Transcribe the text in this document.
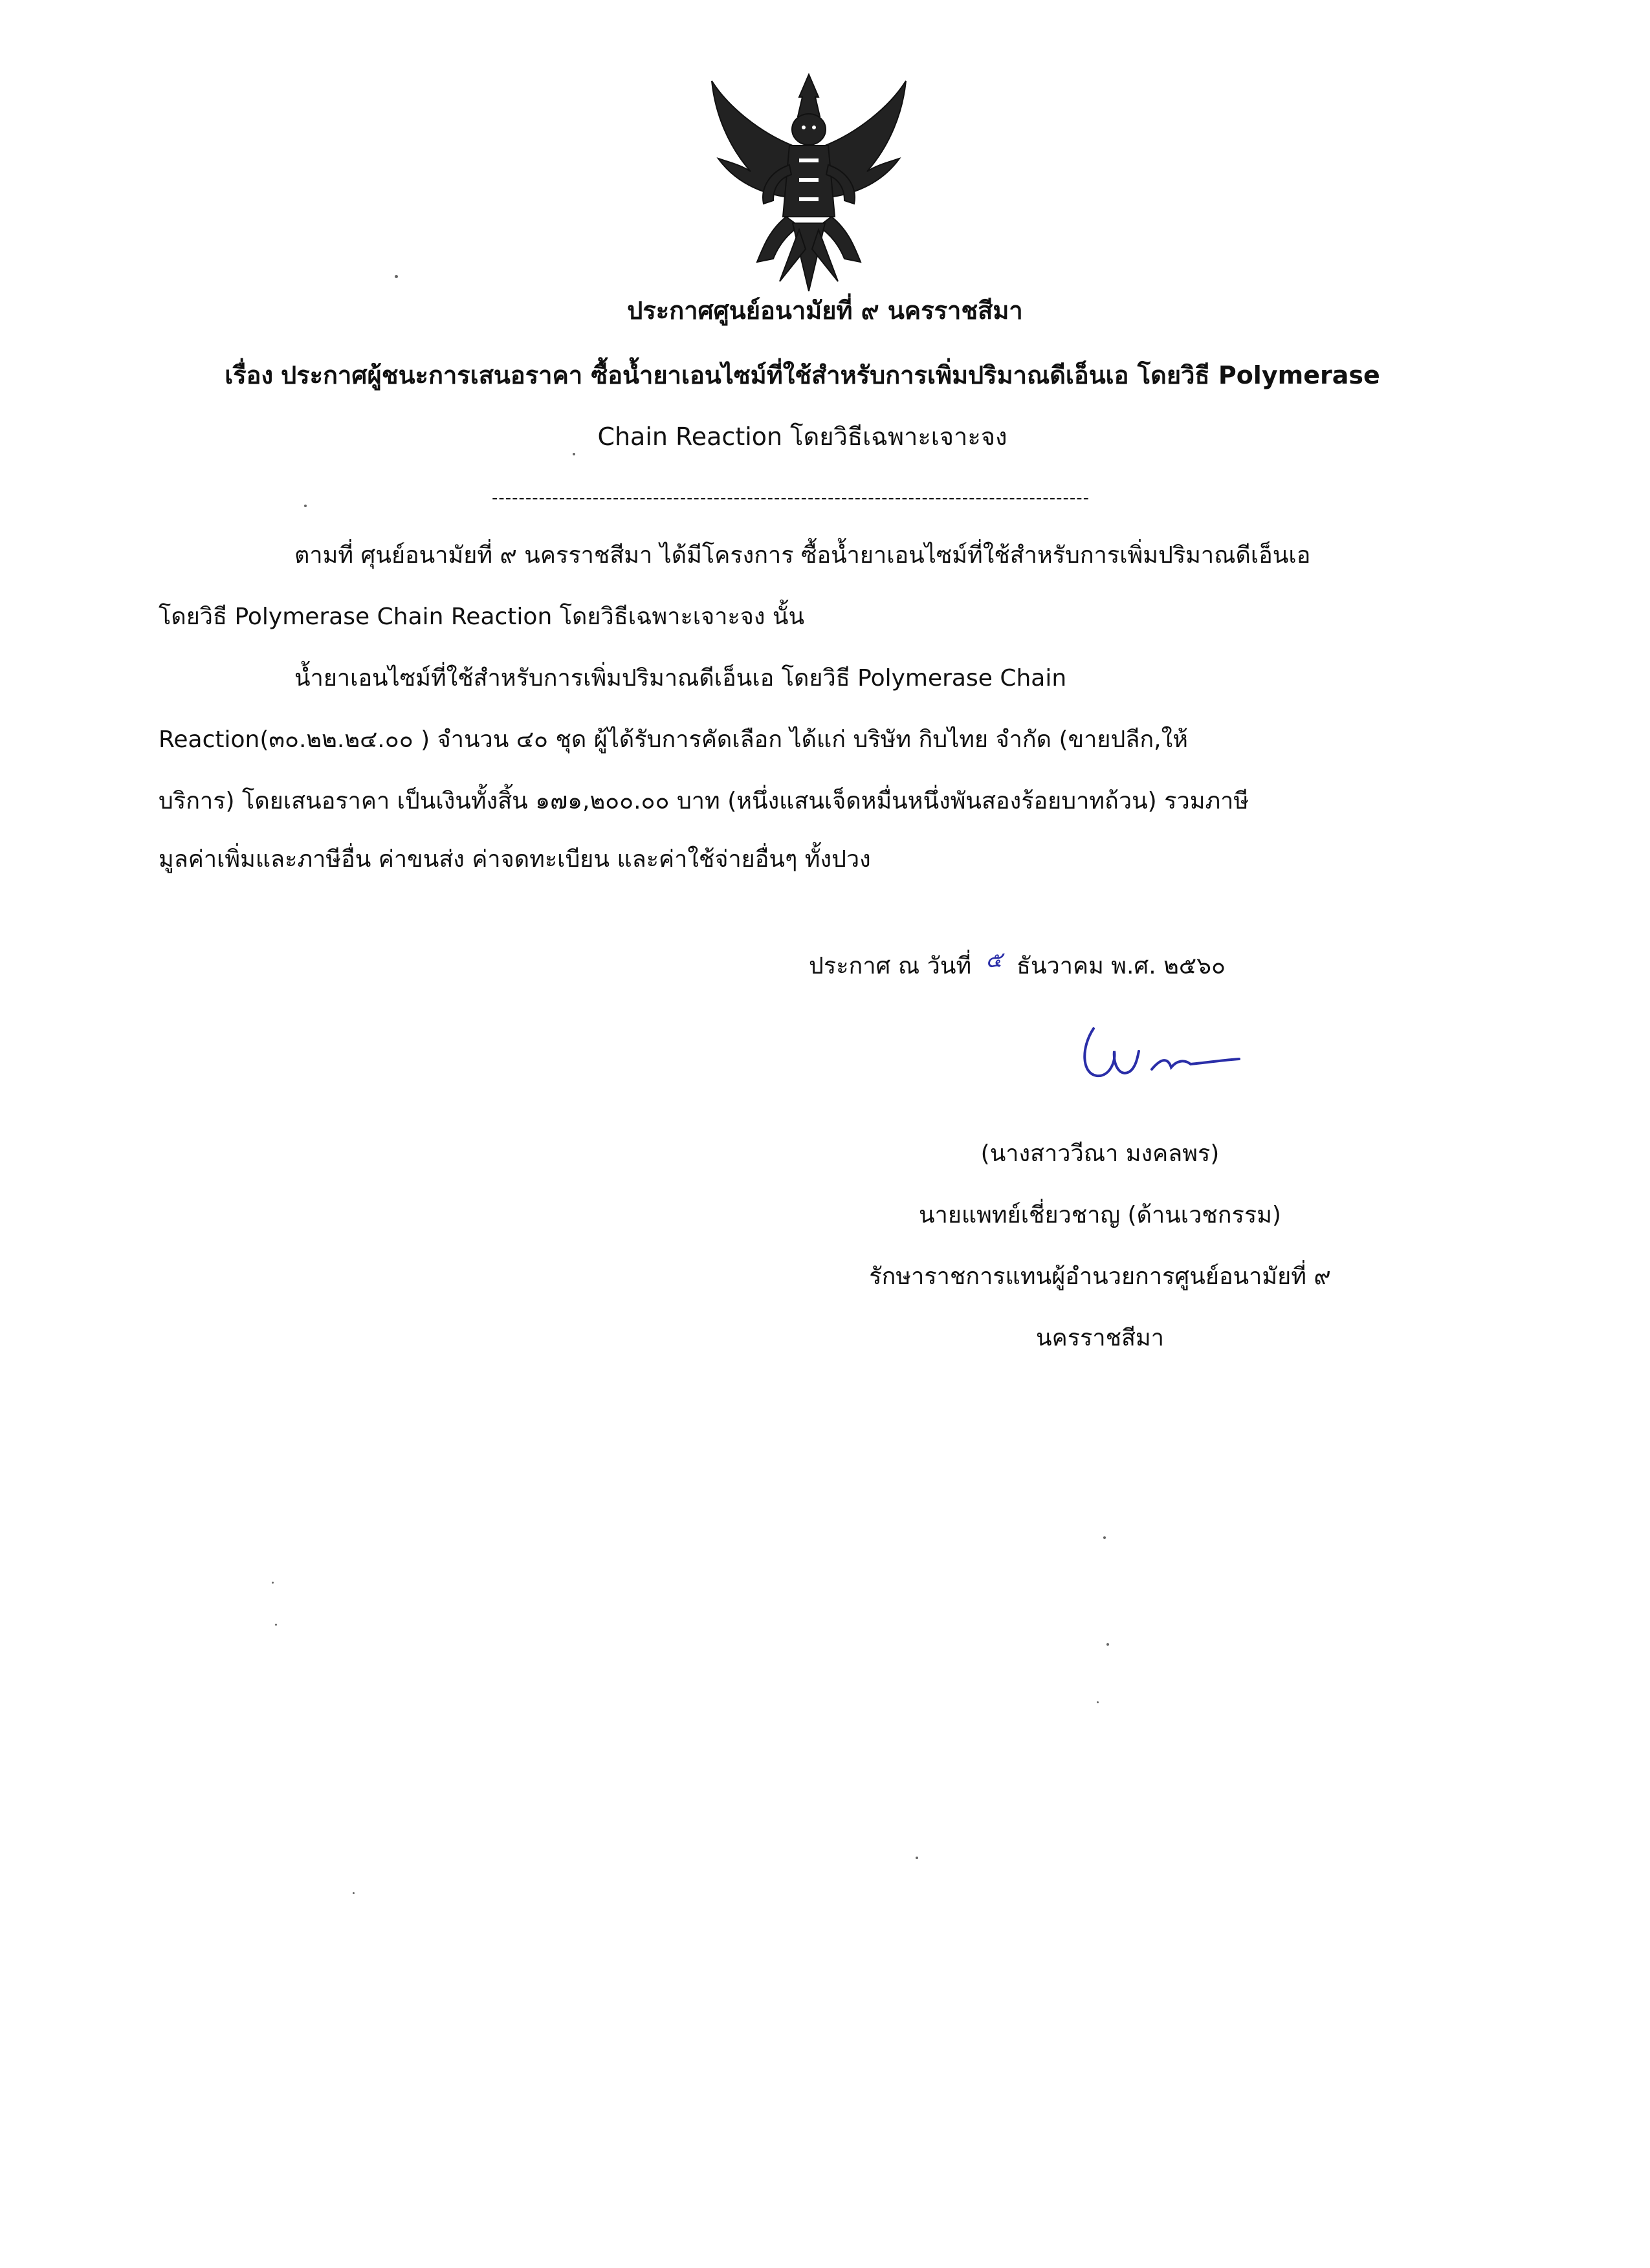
ประกาศศูนย์อนามัยที่ ๙ นครราชสีมา
เรื่อง ประกาศผู้ชนะการเสนอราคา ซื้อน้ำยาเอนไซม์ที่ใช้สำหรับการเพิ่มปริมาณดีเอ็นเอ โดยวิธี Polymerase
Chain Reaction โดยวิธีเฉพาะเจาะจง
-----------------------------------------------------------------------------------------
ตามที่ ศุนย์อนามัยที่ ๙ นครราชสีมา ได้มีโครงการ ซื้อน้ำยาเอนไซม์ที่ใช้สำหรับการเพิ่มปริมาณดีเอ็นเอ
โดยวิธี Polymerase Chain Reaction โดยวิธีเฉพาะเจาะจง นั้น
น้ำยาเอนไซม์ที่ใช้สำหรับการเพิ่มปริมาณดีเอ็นเอ โดยวิธี Polymerase Chain
Reaction(๓๐.๒๒.๒๔.๐๐ ) จำนวน ๔๐ ชุด ผู้ได้รับการคัดเลือก ได้แก่ บริษัท กิบไทย จำกัด (ขายปลีก,ให้
บริการ) โดยเสนอราคา เป็นเงินทั้งสิ้น ๑๗๑,๒๐๐.๐๐ บาท (หนึ่งแสนเจ็ดหมื่นหนึ่งพันสองร้อยบาทถ้วน) รวมภาษี
มูลค่าเพิ่มและภาษีอื่น ค่าขนส่ง ค่าจดทะเบียน และค่าใช้จ่ายอื่นๆ ทั้งปวง
ประกาศ ณ วันที่ ๕ ธันวาคม พ.ศ. ๒๕๖๐
(นางสาววีณา มงคลพร)
นายแพทย์เชี่ยวชาญ (ด้านเวชกรรม)
รักษาราชการแทนผู้อำนวยการศูนย์อนามัยที่ ๙
นครราชสีมา
